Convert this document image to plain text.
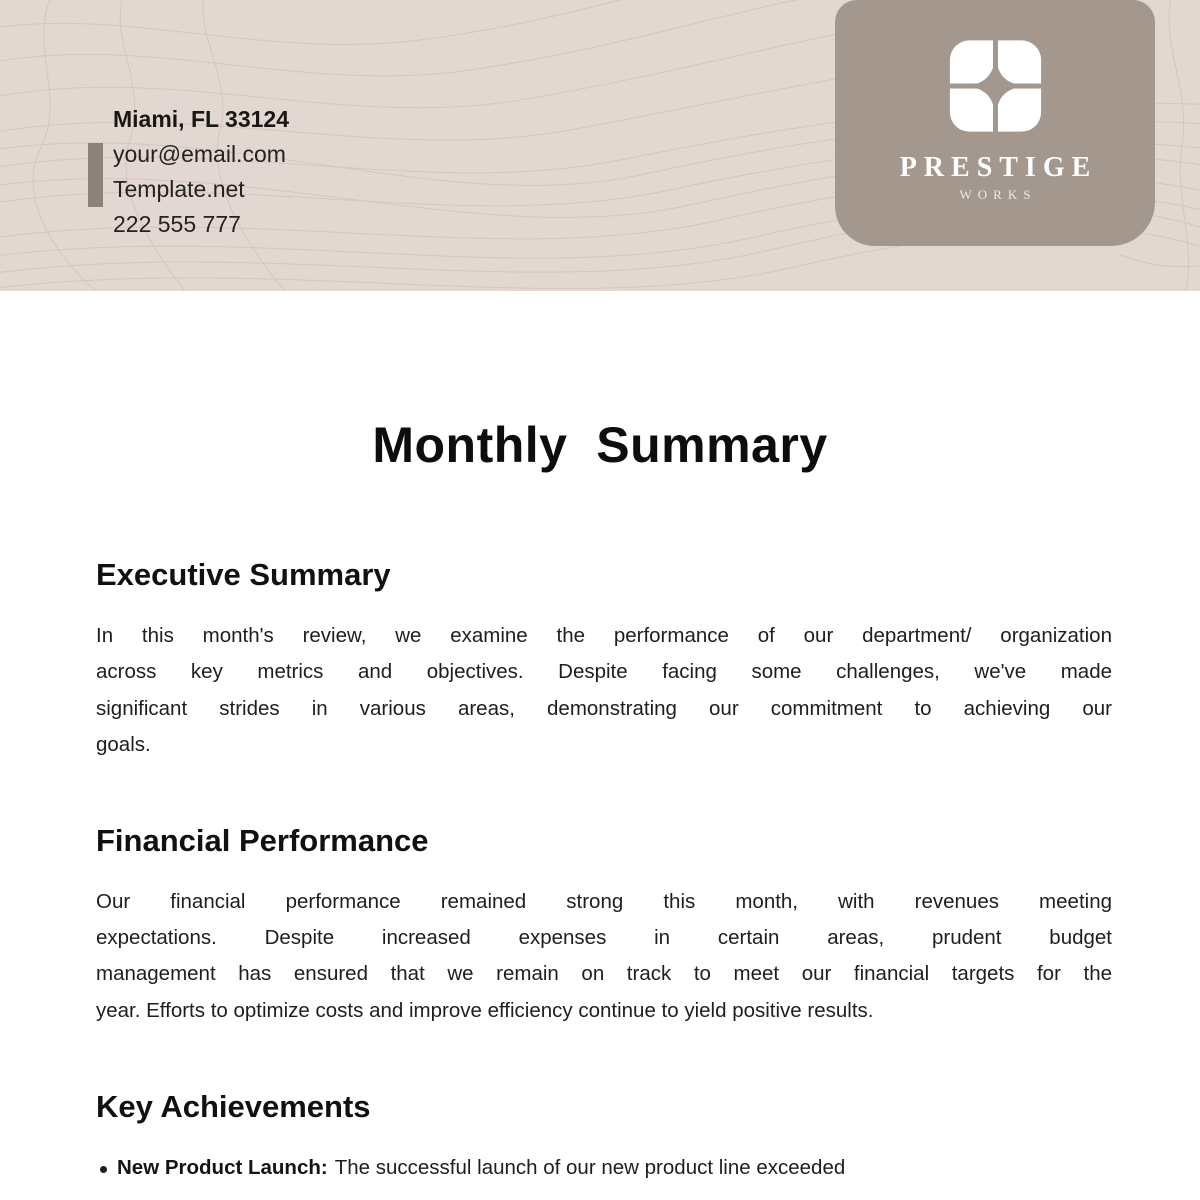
Miami, FL 33124
your@email.com
Template.net
222 555 777
PRESTIGE
WORKS
Monthly  Summary
Executive Summary
In this month's review, we examine the performance of our department/ organization
across key metrics and objectives. Despite facing some challenges, we've made
significant strides in various areas, demonstrating our commitment to achieving our
goals.
Financial Performance
Our financial performance remained strong this month, with revenues meeting
expectations. Despite increased expenses in certain areas, prudent budget
management has ensured that we remain on track to meet our financial targets for the
year. Efforts to optimize costs and improve efficiency continue to yield positive results.
Key Achievements
New Product Launch: The successful launch of our new product line exceeded
